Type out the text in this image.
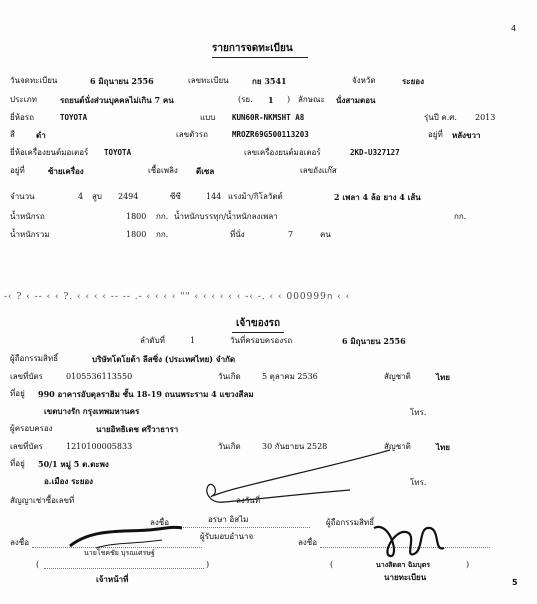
4
รายการจดทะเบียน
วันจดทะเบียน	6 มิถุนายน 2556	เลขทะเบียน	กย 3541	จังหวัด	ระยอง
ประเภท	รถยนต์นั่งส่วนบุคคลไม่เกิน 7 คน	(รย. 1 ) ลักษณะ นั่งสามตอน
ยี่ห้อรถ	TOYOTA	แบบ KUN60R-NKMSHT A8	รุ่นปี ค.ศ. 2013
สี	ดำ	เลขตัวรถ	MROZR69G500113203	อยู่ที่ หลังขวา
ยี่ห้อเครื่องยนต์มอเตอร์ TOYOTA	เลขเครื่องยนต์มอเตอร์	2KD-U327127
อยู่ที่	ซ้ายเครื่อง	เชื้อเพลิง ดีเซล	เลขถังแก๊ส
จำนวน	4 สูบ 2494	ซีซี	144 แรงม้า/กิโลวัตต์	2 เพลา 4 ล้อ ยาง 4 เส้น
น้ำหนักรถ	1800 กก. น้ำหนักบรรทุก/น้ำหนักลงเพลา	กก.
น้ำหนักรวม	1800 กก.	ที่นั่ง	7	คน
-‹ ? ‹ -- ‹ ‹ ?. ‹ ‹ ‹ ‹ -- -- .- ‹ ‹ ‹ ‹ "" ‹ ‹ ‹ ‹ ‹ ‹ -‹ -. ‹ ‹ 000999ก ‹ ‹
เจ้าของรถ
ลำดับที่	1	วันที่ครอบครองรถ	6 มิถุนายน 2556
ผู้ถือกรรมสิทธิ์	บริษัทโตโยต้า ลีสซิ่ง (ประเทศไทย) จำกัด
เลขที่บัตร	0105536113550	วันเกิด	5 ตุลาคม 2536	สัญชาติ	ไทย
ที่อยู่ 990 อาคารอับดุลราฮิม ชั้น 18-19 ถนนพระราม 4 แขวงสีลม
เขตบางรัก กรุงเทพมหานคร	โทร.
ผู้ครอบครอง	นายอิทธิเดช ศรีวาธารา
เลขที่บัตร	1210100005833	วันเกิด	30 กันยายน 2528	สัญชาติ	ไทย
ที่อยู่ 50/1 หมู่ 5 ต.ตะพง
อ.เมือง ระยอง	โทร.
สัญญาเช่าซื้อเลขที่	ลงวันที่
ลงชื่อ	อรษา อิสไม	ผู้ถือกรรมสิทธิ์
ลงชื่อ
นายโชคชัย บุรณเศรษฐ์
ผู้รับมอบอำนาจ
ลงชื่อ
(	)	(	นางสิดดา ฉิมบุตร	)
เจ้าหน้าที่	นายทะเบียน
5
